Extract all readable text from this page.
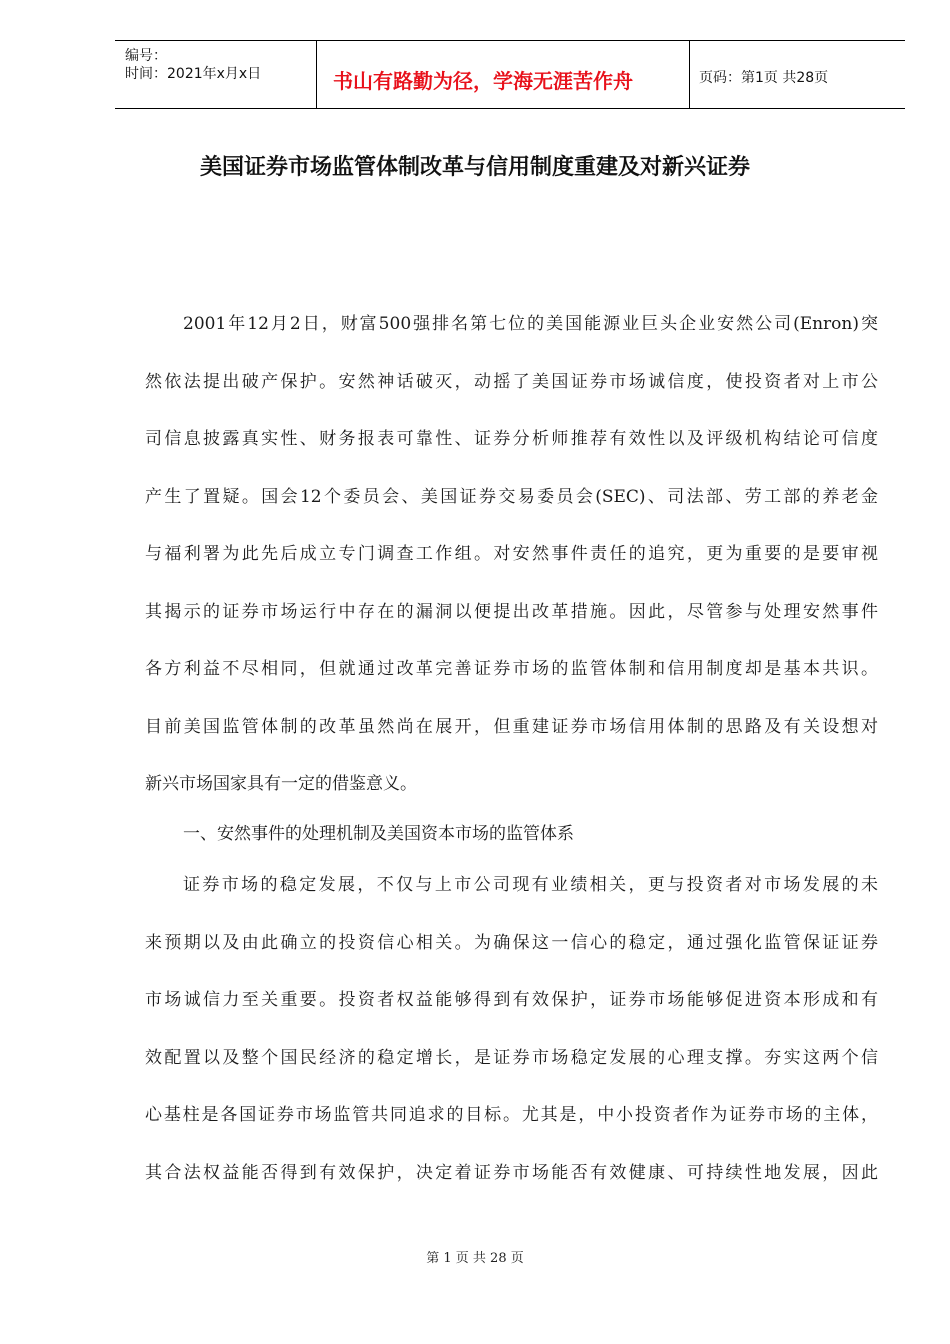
编号：
时间：2021年x月x日	书山有路勤为径，学海无涯苦作舟	页码：第1页 共28页
美国证券市场监管体制改革与信用制度重建及对新兴证券
2001年12月2日，财富500强排名第七位的美国能源业巨头企业安然公司(Enron)突
然依法提出破产保护。安然神话破灭，动摇了美国证券市场诚信度，使投资者对上市公
司信息披露真实性、财务报表可靠性、证券分析师推荐有效性以及评级机构结论可信度
产生了置疑。国会12个委员会、美国证券交易委员会(SEC)、司法部、劳工部的养老金
与福利署为此先后成立专门调查工作组。对安然事件责任的追究，更为重要的是要审视
其揭示的证券市场运行中存在的漏洞以便提出改革措施。因此，尽管参与处理安然事件
各方利益不尽相同，但就通过改革完善证券市场的监管体制和信用制度却是基本共识。
目前美国监管体制的改革虽然尚在展开，但重建证券市场信用体制的思路及有关设想对
新兴市场国家具有一定的借鉴意义。
一、安然事件的处理机制及美国资本市场的监管体系
证券市场的稳定发展，不仅与上市公司现有业绩相关，更与投资者对市场发展的未
来预期以及由此确立的投资信心相关。为确保这一信心的稳定，通过强化监管保证证券
市场诚信力至关重要。投资者权益能够得到有效保护，证券市场能够促进资本形成和有
效配置以及整个国民经济的稳定增长，是证券市场稳定发展的心理支撑。夯实这两个信
心基柱是各国证券市场监管共同追求的目标。尤其是，中小投资者作为证券市场的主体，
其合法权益能否得到有效保护，决定着证券市场能否有效健康、可持续性地发展，因此
第 1 页 共 28 页
